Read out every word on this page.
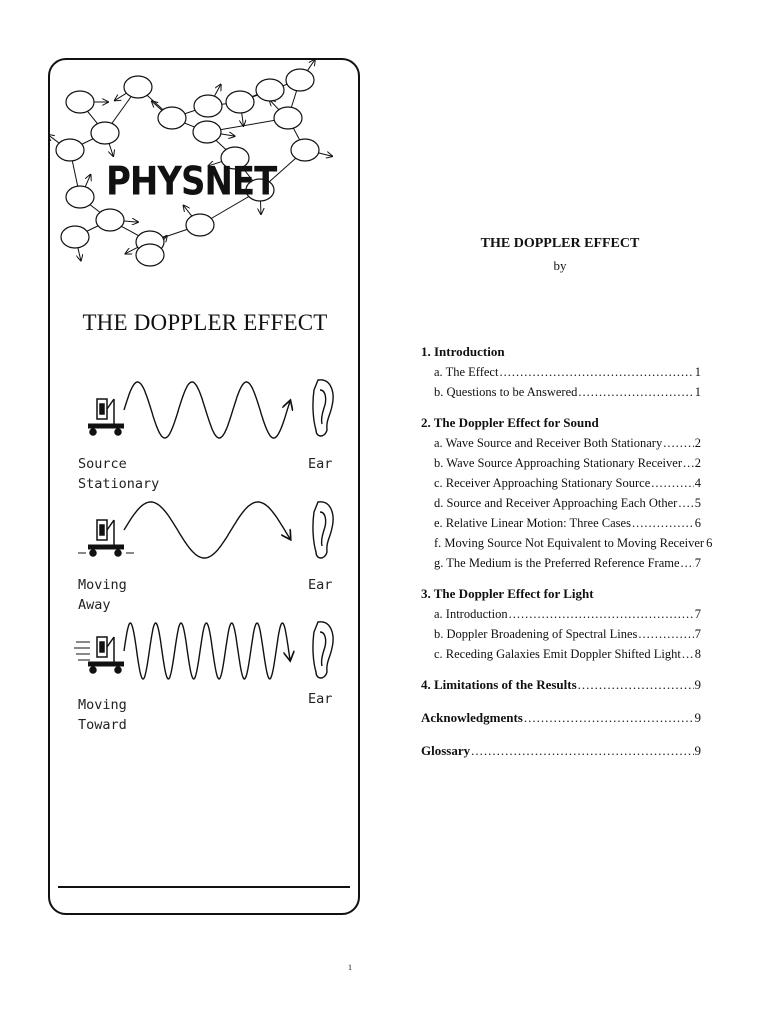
PHYSNET
THE DOPPLER EFFECT
Source
Stationary
Ear
Moving
Away
Ear
Moving
Toward
Ear
THE DOPPLER EFFECT
by
1. Introduction
a. The Effect .....	1
b. Questions to be Answered .....	1
2. The Doppler Effect for Sound
a. Wave Source and Receiver Both Stationary .....	2
b. Wave Source Approaching Stationary Receiver ..... 2
c. Receiver Approaching Stationary Source .....	4
d. Source and Receiver Approaching Each Other ..... 5
e. Relative Linear Motion: Three Cases .....	6
f. Moving Source Not Equivalent to Moving Receiver 6
g. The Medium is the Preferred Reference Frame ..... 7
3. The Doppler Effect for Light
a. Introduction .....	7
b. Doppler Broadening of Spectral Lines .....	7
c. Receding Galaxies Emit Doppler Shifted Light ..... 8
4. Limitations of the Results .....	9
Acknowledgments .....	9
Glossary .....	9
1
